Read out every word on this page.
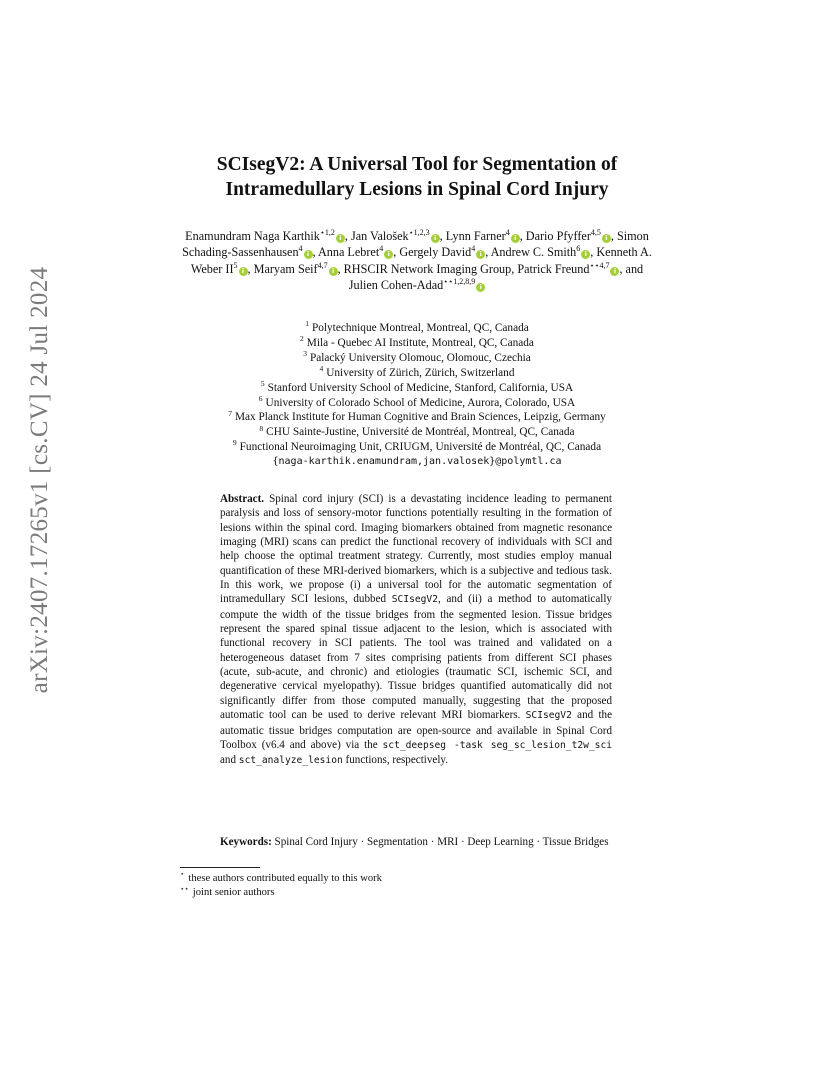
arXiv:2407.17265v1 [cs.CV] 24 Jul 2024
SCIsegV2: A Universal Tool for Segmentation of
Intramedullary Lesions in Spinal Cord Injury
Enamundram Naga Karthik$^{⋆1,2}$i , Jan Valošek$^{⋆1,2,3}$i , Lynn Farner$^4$i , Dario Pfyffer$^{4,5}$i , Simon Schading-Sassenhausen$^4$i , Anna Lebret$^4$i , Gergely David$^4$i , Andrew C. Smith$^6$i , Kenneth A. Weber $II^5i$ , Maryam Seif$^{4,7}$i , RHSCIR Network Imaging Group, Patrick Freund$^{⋆⋆4,7}$i , and Julien Cohen-Adad$^{⋆⋆1,2,8,9}$i
$^1$ Polytechnique Montreal, Montreal, QC, Canada
$^2$ Mila - Quebec AI Institute, Montreal, QC, Canada
$^3$ Palacký University Olomouc, Olomouc, Czechia
$^4$ University of Zürich, Zürich, Switzerland
$^5$ Stanford University School of Medicine, Stanford, California, USA
$^6$ University of Colorado School of Medicine, Aurora, Colorado, USA
$^7$ Max Planck Institute for Human Cognitive and Brain Sciences, Leipzig, Germany
$^8$ CHU Sainte-Justine, Université de Montréal, Montreal, QC, Canada
$^9$ Functional Neuroimaging Unit, CRIUGM, Université de Montréal, QC, Canada
{naga-karthik.enamundram,jan.valosek}@polymtl.ca
Abstract. Spinal cord injury (SCI) is a devastating incidence leading to permanent paralysis and loss of sensory-motor functions potentially resulting in the formation of lesions within the spinal cord. Imaging biomarkers obtained from magnetic resonance imaging (MRI) scans can predict the functional recovery of individuals with SCI and help choose the optimal treatment strategy. Currently, most studies employ manual quantification of these MRI-derived biomarkers, which is a subjective and tedious task. In this work, we propose (i) a universal tool for the automatic segmentation of intramedullary SCI lesions, dubbed SCIsegV2, and (ii) a method to automatically compute the width of the tissue bridges from the segmented lesion. Tissue bridges represent the spared spinal tissue adjacent to the lesion, which is associated with functional recovery in SCI patients. The tool was trained and validated on a heterogeneous dataset from 7 sites comprising patients from different SCI phases (acute, sub-acute, and chronic) and etiologies (traumatic SCI, ischemic SCI, and degenerative cervical myelopathy). Tissue bridges quantified automatically did not significantly differ from those computed manually, suggesting that the proposed automatic tool can be used to derive relevant MRI biomarkers. SCIsegV2 and the automatic tissue bridges computation are open-source and available in Spinal Cord Toolbox (v6.4 and above) via the sct_deepseg -task seg_sc_lesion_t2w_sci and sct_analyze_lesion functions, respectively.
Keywords: Spinal Cord Injury · Segmentation · MRI · Deep Learning · Tissue Bridges
⋆ these authors contributed equally to this work
⋆⋆ joint senior authors
